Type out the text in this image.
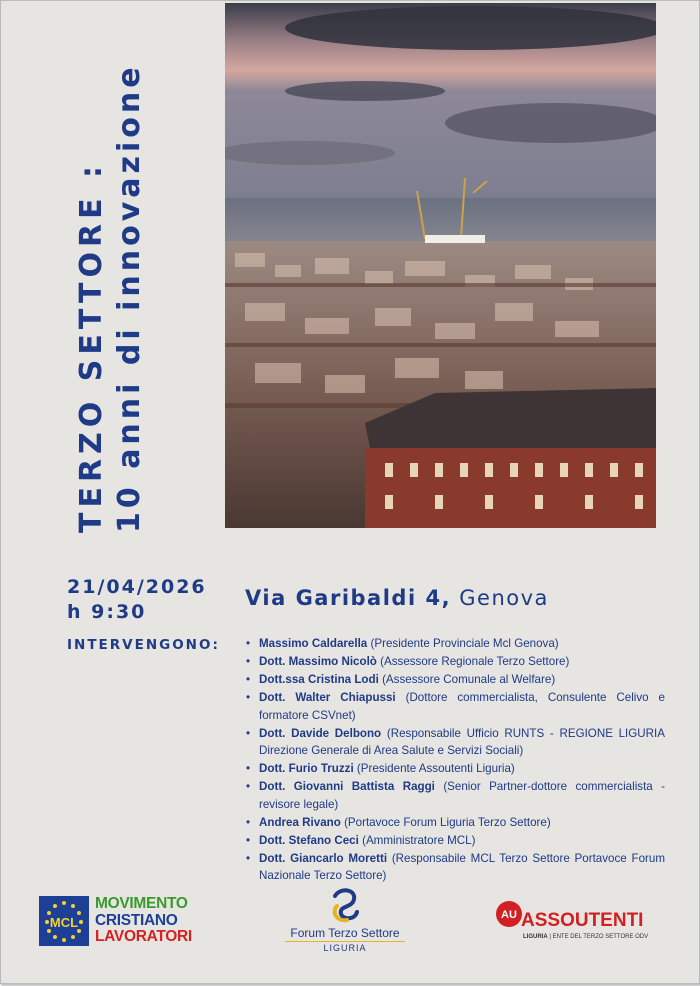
TERZO SETTORE : 10 anni di innovazione
21/04/2026
h 9:30
Via Garibaldi 4, Genova
INTERVENGONO:
•	Massimo Caldarella (Presidente Provinciale Mcl Genova)
• Dott. Massimo Nicolò (Assessore Regionale Terzo Settore)
• Dott.ssa Cristina Lodi (Assessore Comunale al Welfare)
• Dott. Walter Chiapussi (Dottore commercialista, Consulente Celivo e formatore CSVnet)
• Dott. Davide Delbono (Responsabile Ufficio RUNTS - REGIONE LIGURIA Direzione Generale di Area Salute e Servizi Sociali)
• Dott. Furio Truzzi (Presidente Assoutenti Liguria)
• Dott. Giovanni Battista Raggi (Senior Partner-dottore commercialista - revisore legale)
• Andrea Rivano (Portavoce Forum Liguria Terzo Settore)
• Dott. Stefano Ceci (Amministratore MCL)
• Dott. Giancarlo Moretti (Responsabile MCL Terzo Settore Portavoce Forum Nazionale Terzo Settore)
MCL
MOVIMENTO
CRISTIANO
LAVORATORI	Forum Terzo Settore
LIGURIA
AU ASSOUTENTI
LIGURIA | ENTE DEL TERZO SETTORE ODV
